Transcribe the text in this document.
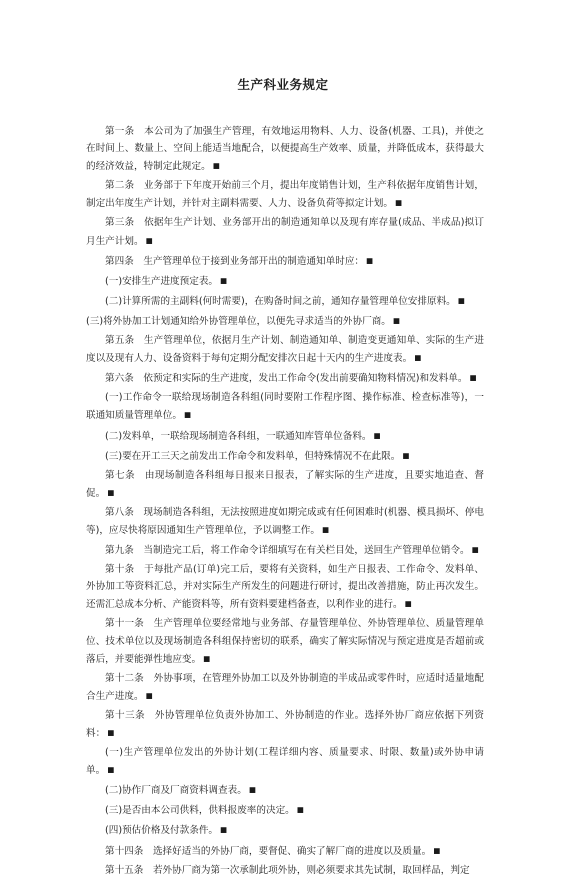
生产科业务规定

第一条　本公司为了加强生产管理，有效地运用物料、人力、设备(机器、工具)，并使之在时间上、数量上、空间上能适当地配合，以便提高生产效率、质量，并降低成本，获得最大的经济效益，特制定此规定。 ■

第二条　业务部于下年度开始前三个月，提出年度销售计划，生产科依据年度销售计划，制定出年度生产计划，并针对主副料需要、人力、设备负荷等拟定计划。 ■

第三条　依据年生产计划、业务部开出的制造通知单以及现有库存量(成品、半成品)拟订月生产计划。 ■

第四条　生产管理单位于接到业务部开出的制造通知单时应： ■

(一)安排生产进度预定表。 ■

(二)计算所需的主副料(何时需要)，在购备时间之前，通知存量管理单位安排原料。 ■

(三)将外协加工计划通知给外协管理单位，以便先寻求适当的外协厂商。 ■

第五条　生产管理单位，依据月生产计划、制造通知单、制造变更通知单、实际的生产进度以及现有人力、设备资料于每旬定期分配安排次日起十天内的生产进度表。 ■

第六条　依预定和实际的生产进度，发出工作命令(发出前要确知物料情况)和发料单。 ■

(一)工作命令一联给现场制造各科组(同时要附工作程序图、操作标准、检查标准等)，一联通知质量管理单位。 ■

(二)发料单，一联给现场制造各科组，一联通知库管单位备料。 ■

(三)要在开工三天之前发出工作命令和发料单，但特殊情况不在此限。 ■

第七条　由现场制造各科组每日报来日报表，了解实际的生产进度，且要实地追查、督促。 ■

第八条　现场制造各科组，无法按照进度如期完成或有任何困难时(机器、模具损坏、停电等)，应尽快将原因通知生产管理单位，予以调整工作。 ■

第九条　当制造完工后，将工作命令详细填写在有关栏目处，送回生产管理单位销令。 ■

第十条　于每批产品(订单)完工后，要将有关资料，如生产日报表、工作命令、发料单、外协加工等资料汇总，并对实际生产所发生的问题进行研讨，提出改善措施，防止再次发生。还需汇总成本分析、产能资料等，所有资料要建档备查，以利作业的进行。 ■

第十一条　生产管理单位要经常地与业务部、存量管理单位、外协管理单位、质量管理单位、技术单位以及现场制造各科组保持密切的联系，确实了解实际情况与预定进度是否超前或落后，并要能弹性地应变。 ■

第十二条　外协事项，在管理外协加工以及外协制造的半成品或零件时，应适时适量地配合生产进度。 ■

第十三条　外协管理单位负责外协加工、外协制造的作业。选择外协厂商应依据下列资料： ■

(一)生产管理单位发出的外协计划(工程详细内容、质量要求、时限、数量)或外协申请单。 ■

(二)协作厂商及厂商资料调查表。 ■

(三)是否由本公司供料，供料报废率的决定。 ■

(四)预估价格及付款条件。 ■

第十四条　选择好适当的外协厂商，要督促、确实了解厂商的进度以及质量。 ■

第十五条　若外协厂商为第一次承制此项外协，则必须要求其先试制，取回样品，判定
